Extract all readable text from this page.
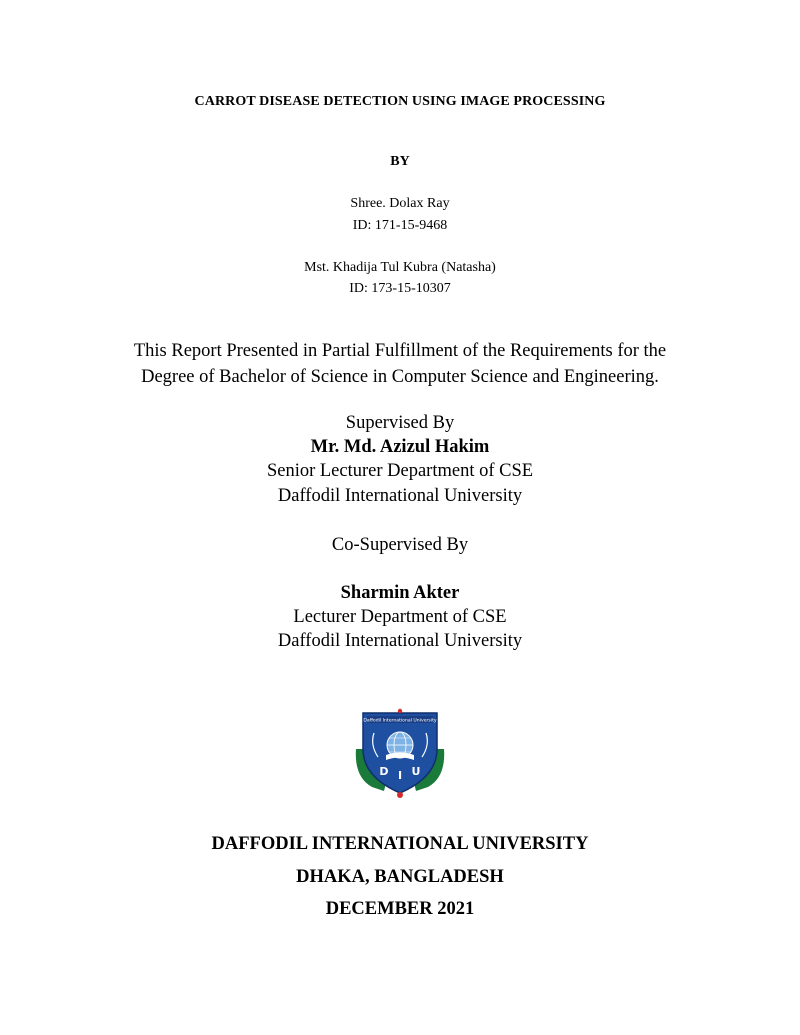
CARROT DISEASE DETECTION USING IMAGE PROCESSING
BY
Shree. Dolax Ray
ID: 171-15-9468
Mst. Khadija Tul Kubra (Natasha)
ID: 173-15-10307
This Report Presented in Partial Fulfillment of the Requirements for the
Degree of Bachelor of Science in Computer Science and Engineering.
Supervised By
Mr. Md. Azizul Hakim
Senior Lecturer Department of CSE
Daffodil International University
Co-Supervised By
Sharmin Akter
Lecturer Department of CSE
Daffodil International University
Daffodil International University
D I U
DAFFODIL INTERNATIONAL UNIVERSITY
DHAKA, BANGLADESH
DECEMBER 2021
